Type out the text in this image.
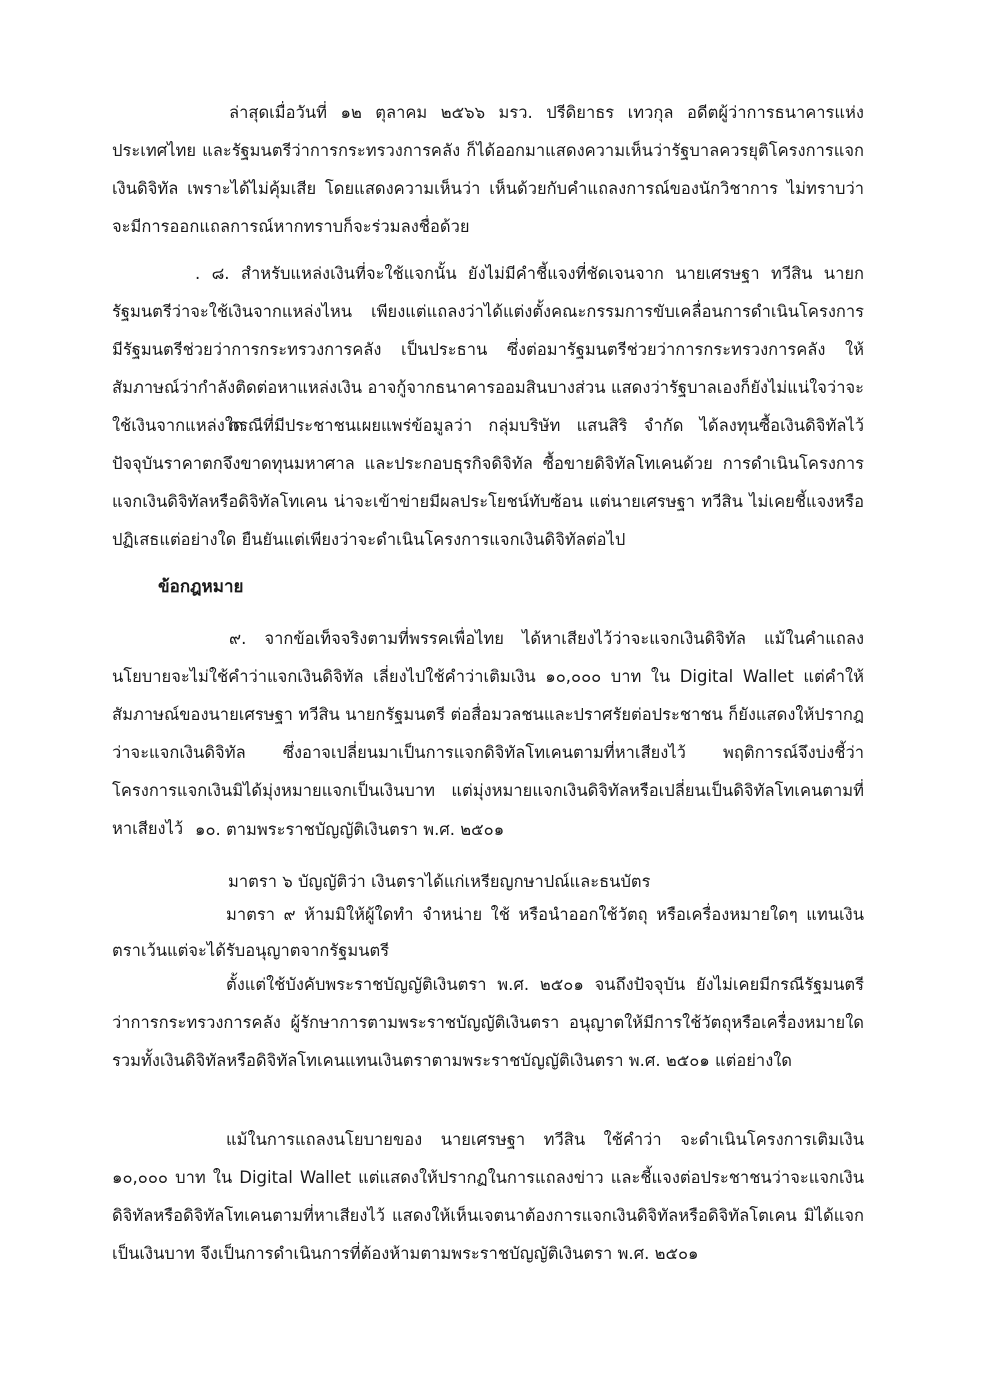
ล่าสุดเมื่อวันที่ ๑๒ ตุลาคม ๒๕๖๖ มรว. ปรีดิยาธร เทวกุล อดีตผู้ว่าการธนาคารแห่งประเทศไทย และรัฐมนตรีว่าการกระทรวงการคลัง ก็ได้ออกมาแสดงความเห็นว่ารัฐบาลควรยุติโครงการแจกเงินดิจิทัล เพราะได้ไม่คุ้มเสีย โดยแสดงความเห็นว่า เห็นด้วยกับคำแถลงการณ์ของนักวิชาการ ไม่ทราบว่าจะมีการออกแถลการณ์หากทราบก็จะร่วมลงชื่อด้วย

. ๘. สำหรับแหล่งเงินที่จะใช้แจกนั้น ยังไม่มีคำชี้แจงที่ชัดเจนจาก นายเศรษฐา ทวีสิน นายกรัฐมนตรีว่าจะใช้เงินจากแหล่งไหน เพียงแต่แถลงว่าได้แต่งตั้งคณะกรรมการขับเคลื่อนการดำเนินโครงการ มีรัฐมนตรีช่วยว่าการกระทรวงการคลัง เป็นประธาน ซึ่งต่อมารัฐมนตรีช่วยว่าการกระทรวงการคลัง ให้สัมภาษณ์ว่ากำลังติดต่อหาแหล่งเงิน อาจกู้จากธนาคารออมสินบางส่วน แสดงว่ารัฐบาลเองก็ยังไม่แน่ใจว่าจะใช้เงินจากแหล่งใด

กรณีที่มีประชาชนเผยแพร่ข้อมูลว่า กลุ่มบริษัท แสนสิริ จำกัด ได้ลงทุนซื้อเงินดิจิทัลไว้ ปัจจุบันราคาตกจึงขาดทุนมหาศาล และประกอบธุรกิจดิจิทัล ซื้อขายดิจิทัลโทเคนด้วย การดำเนินโครงการแจกเงินดิจิทัลหรือดิจิทัลโทเคน น่าจะเข้าข่ายมีผลประโยชน์ทับซ้อน แต่นายเศรษฐา ทวีสิน ไม่เคยชี้แจงหรือปฏิเสธแต่อย่างใด ยืนยันแต่เพียงว่าจะดำเนินโครงการแจกเงินดิจิทัลต่อไป

ข้อกฎหมาย

๙. จากข้อเท็จจริงตามที่พรรคเพื่อไทย ได้หาเสียงไว้ว่าจะแจกเงินดิจิทัล แม้ในคำแถลงนโยบายจะไม่ใช้คำว่าแจกเงินดิจิทัล เลี่ยงไปใช้คำว่าเติมเงิน ๑๐,๐๐๐ บาท ใน Digital Wallet แต่คำให้สัมภาษณ์ของนายเศรษฐา ทวีสิน นายกรัฐมนตรี ต่อสื่อมวลชนและปราศรัยต่อประชาชน ก็ยังแสดงให้ปรากฎว่าจะแจกเงินดิจิทัล ซึ่งอาจเปลี่ยนมาเป็นการแจกดิจิทัลโทเคนตามที่หาเสียงไว้ พฤติการณ์จึงบ่งชี้ว่าโครงการแจกเงินมิได้มุ่งหมายแจกเป็นเงินบาท แต่มุ่งหมายแจกเงินดิจิทัลหรือเปลี่ยนเป็นดิจิทัลโทเคนตามที่หาเสียงไว้ ๑๐. ตามพระราชบัญญัติเงินตรา พ.ศ. ๒๕๐๑

มาตรา ๖ บัญญัติว่า เงินตราได้แก่เหรียญกษาปณ์และธนบัตร

มาตรา ๙ ห้ามมิให้ผู้ใดทำ จำหน่าย ใช้ หรือนำออกใช้วัตถุ หรือเครื่องหมายใดๆ แทนเงินตราเว้นแต่จะได้รับอนุญาตจากรัฐมนตรี

ตั้งแต่ใช้บังคับพระราชบัญญัติเงินตรา พ.ศ. ๒๕๐๑ จนถึงปัจจุบัน ยังไม่เคยมีกรณีรัฐมนตรีว่าการกระทรวงการคลัง ผู้รักษาการตามพระราชบัญญัติเงินตรา อนุญาตให้มีการใช้วัตถุหรือเครื่องหมายใด รวมทั้งเงินดิจิทัลหรือดิจิทัลโทเคนแทนเงินตราตามพระราชบัญญัติเงินตรา พ.ศ. ๒๕๐๑ แต่อย่างใด

แม้ในการแถลงนโยบายของ นายเศรษฐา ทวีสิน ใช้คำว่า จะดำเนินโครงการเติมเงิน ๑๐,๐๐๐ บาท ใน Digital Wallet แต่แสดงให้ปรากฏในการแถลงข่าว และชี้แจงต่อประชาชนว่าจะแจกเงินดิจิทัลหรือดิจิทัลโทเคนตามที่หาเสียงไว้ แสดงให้เห็นเจตนาต้องการแจกเงินดิจิทัลหรือดิจิทัลโตเคน มิได้แจกเป็นเงินบาท จึงเป็นการดำเนินการที่ต้องห้ามตามพระราชบัญญัติเงินตรา พ.ศ. ๒๕๐๑
